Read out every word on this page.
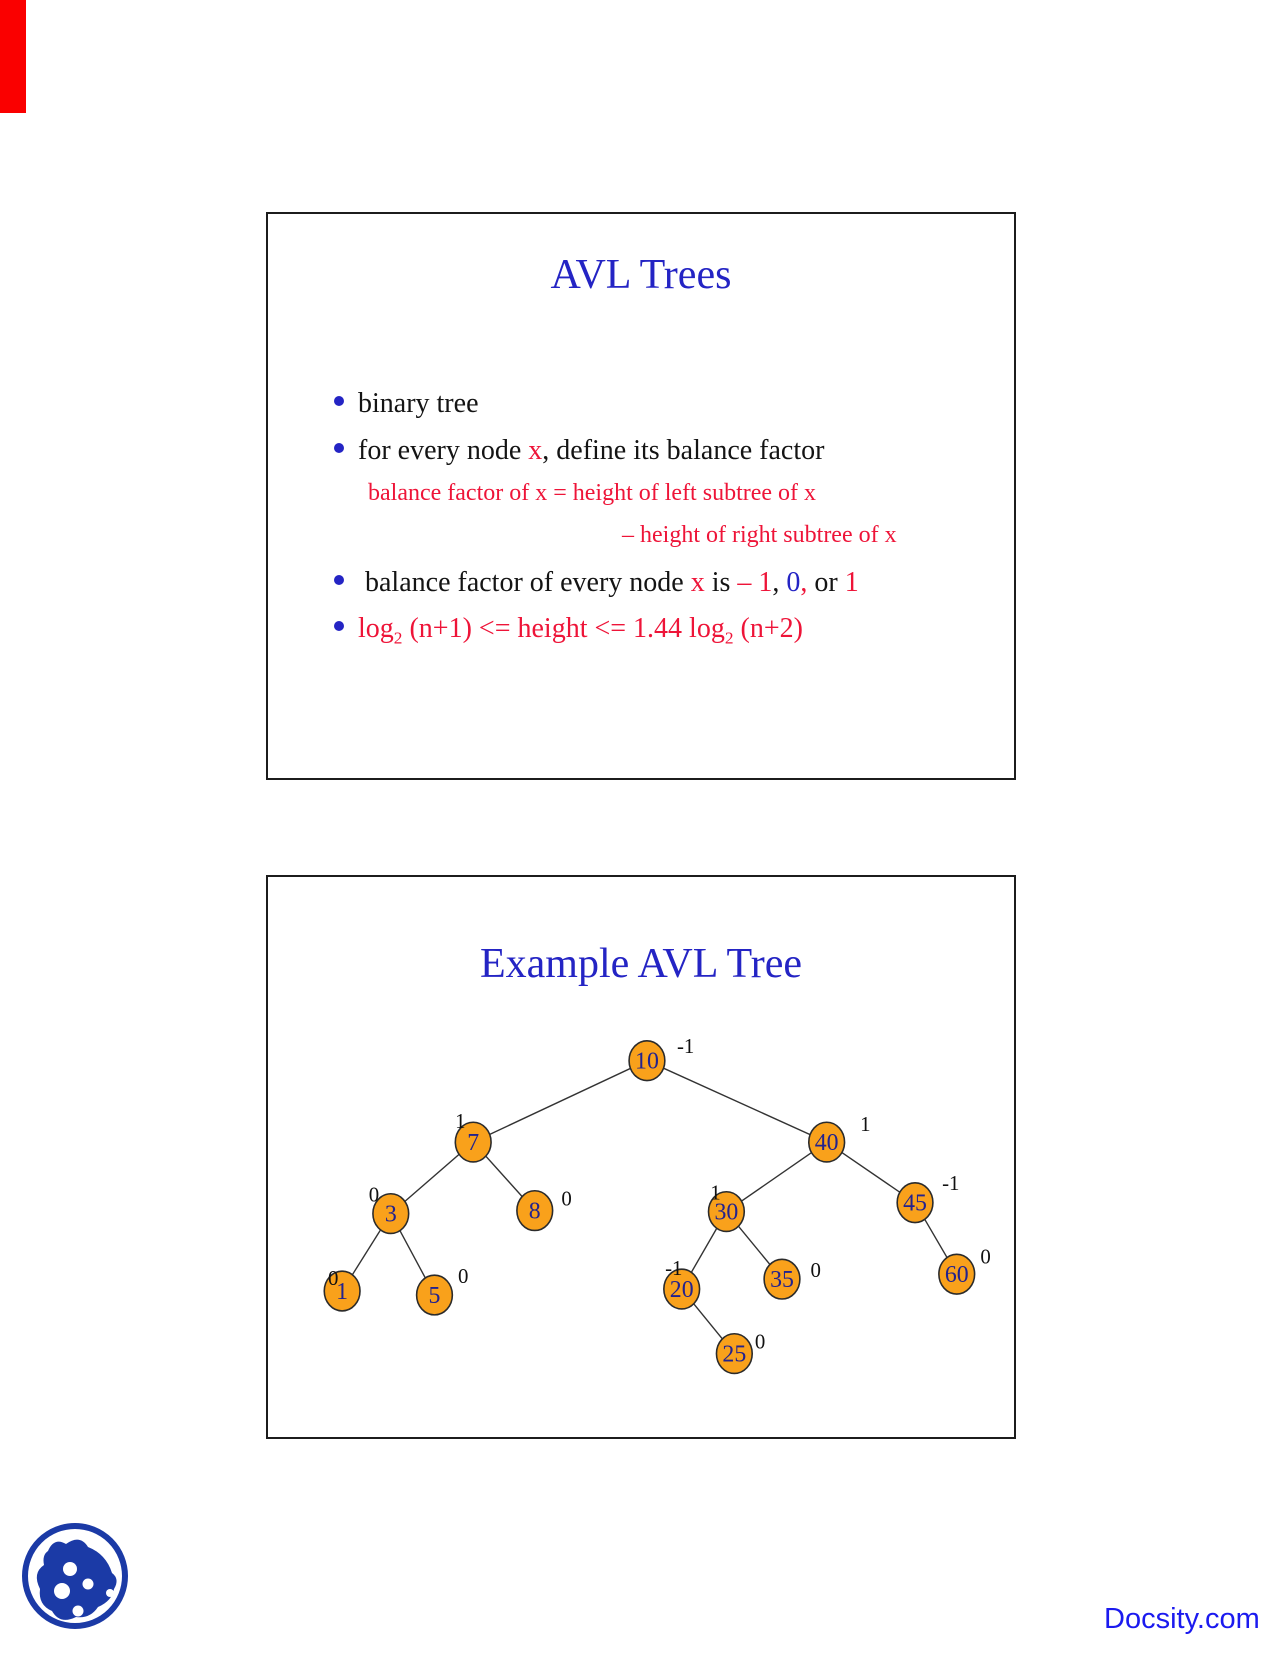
AVL Trees
binary tree
for every node x, define its balance factor
balance factor of x = height of left subtree of x
– height of right subtree of x
balance factor of every node x is – 1, 0, or 1
$\log_2 (n+1)$ <= height <= 1.44 $\log_2 (n+2)$
Example AVL Tree
10
-1
7
1
40
1
3
0
8 0
30
1	45
-1
1
0
5
0
20
-1	35 0	60
0
25 0
Docsity.com
